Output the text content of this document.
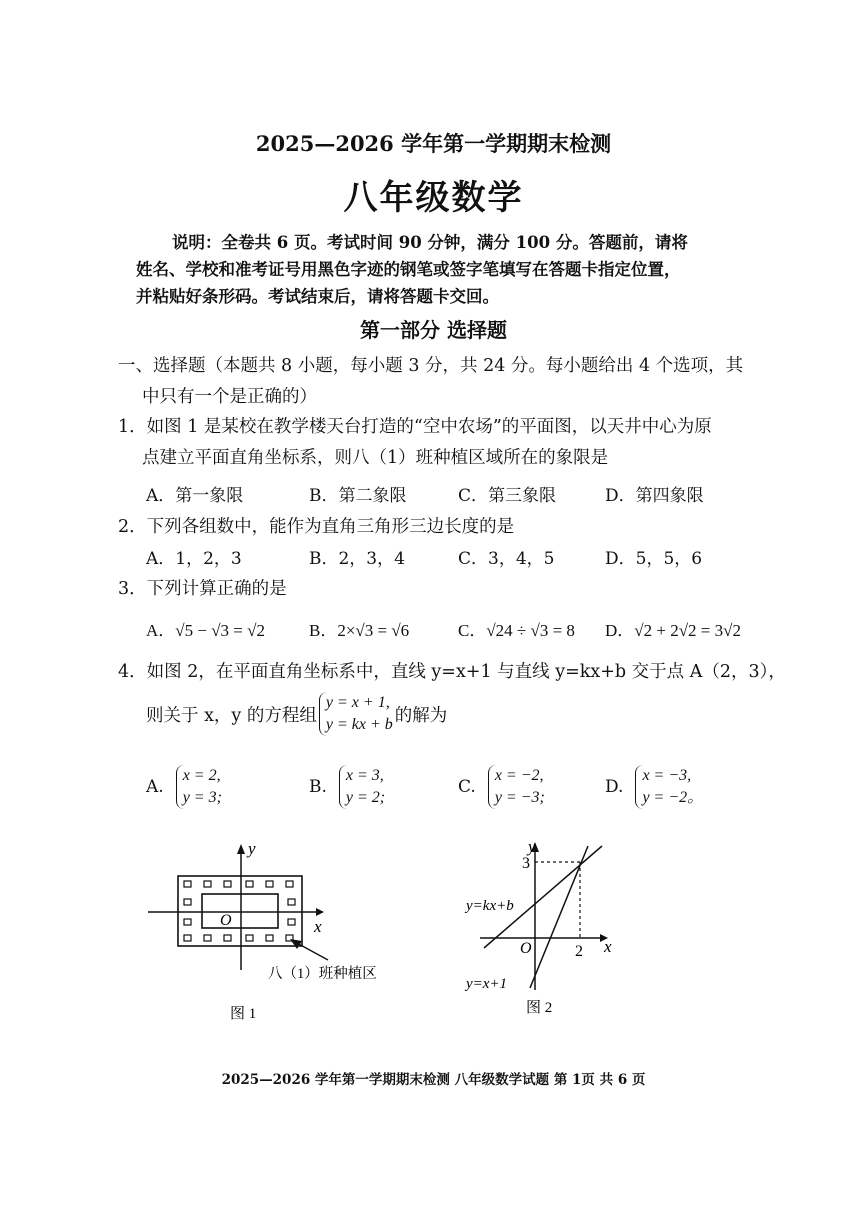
2025—2026 学年第一学期期末检测
八年级数学
说明：全卷共 6 页。考试时间 90 分钟，满分 100 分。答题前，请将
姓名、学校和准考证号用黑色字迹的钢笔或签字笔填写在答题卡指定位置，
并粘贴好条形码。考试结束后，请将答题卡交回。
第一部分 选择题
一、选择题（本题共 8 小题，每小题 3 分，共 24 分。每小题给出 4 个选项，其
中只有一个是正确的）
1．如图 1 是某校在教学楼天台打造的“空中农场”的平面图，以天井中心为原
点建立平面直角坐标系，则八（1）班种植区域所在的象限是
A．第一象限	B．第二象限	C．第三象限	D．第四象限
2．下列各组数中，能作为直角三角形三边长度的是
A．1，2，3	B．2，3，4	C．3，4，5	D．5，5，6
3．下列计算正确的是
A．√5 − √3 = √2	B．2×√3 = √6	C．√24 ÷ √3 = 8 D．√2 + 2√2 = 3√2
4．如图 2，在平面直角坐标系中，直线 y=x+1 与直线 y=kx+b 交于点 A（2，3），
则关于 x，y 的方程组
y = x + 1,
y = kx + b 的解为
A.
x = 2,
y = 3;
B.
x = 3,
y = 2;
C.
x = −2,
y = −3;
D.
x = −3,
y = −2。
y
x
O
八（1）班种植区
图 1
y
3
x
2
O
y=kx+b
y=x+1
图 2
2025—2026 学年第一学期期末检测 八年级数学试题 第 1页 共 6 页
